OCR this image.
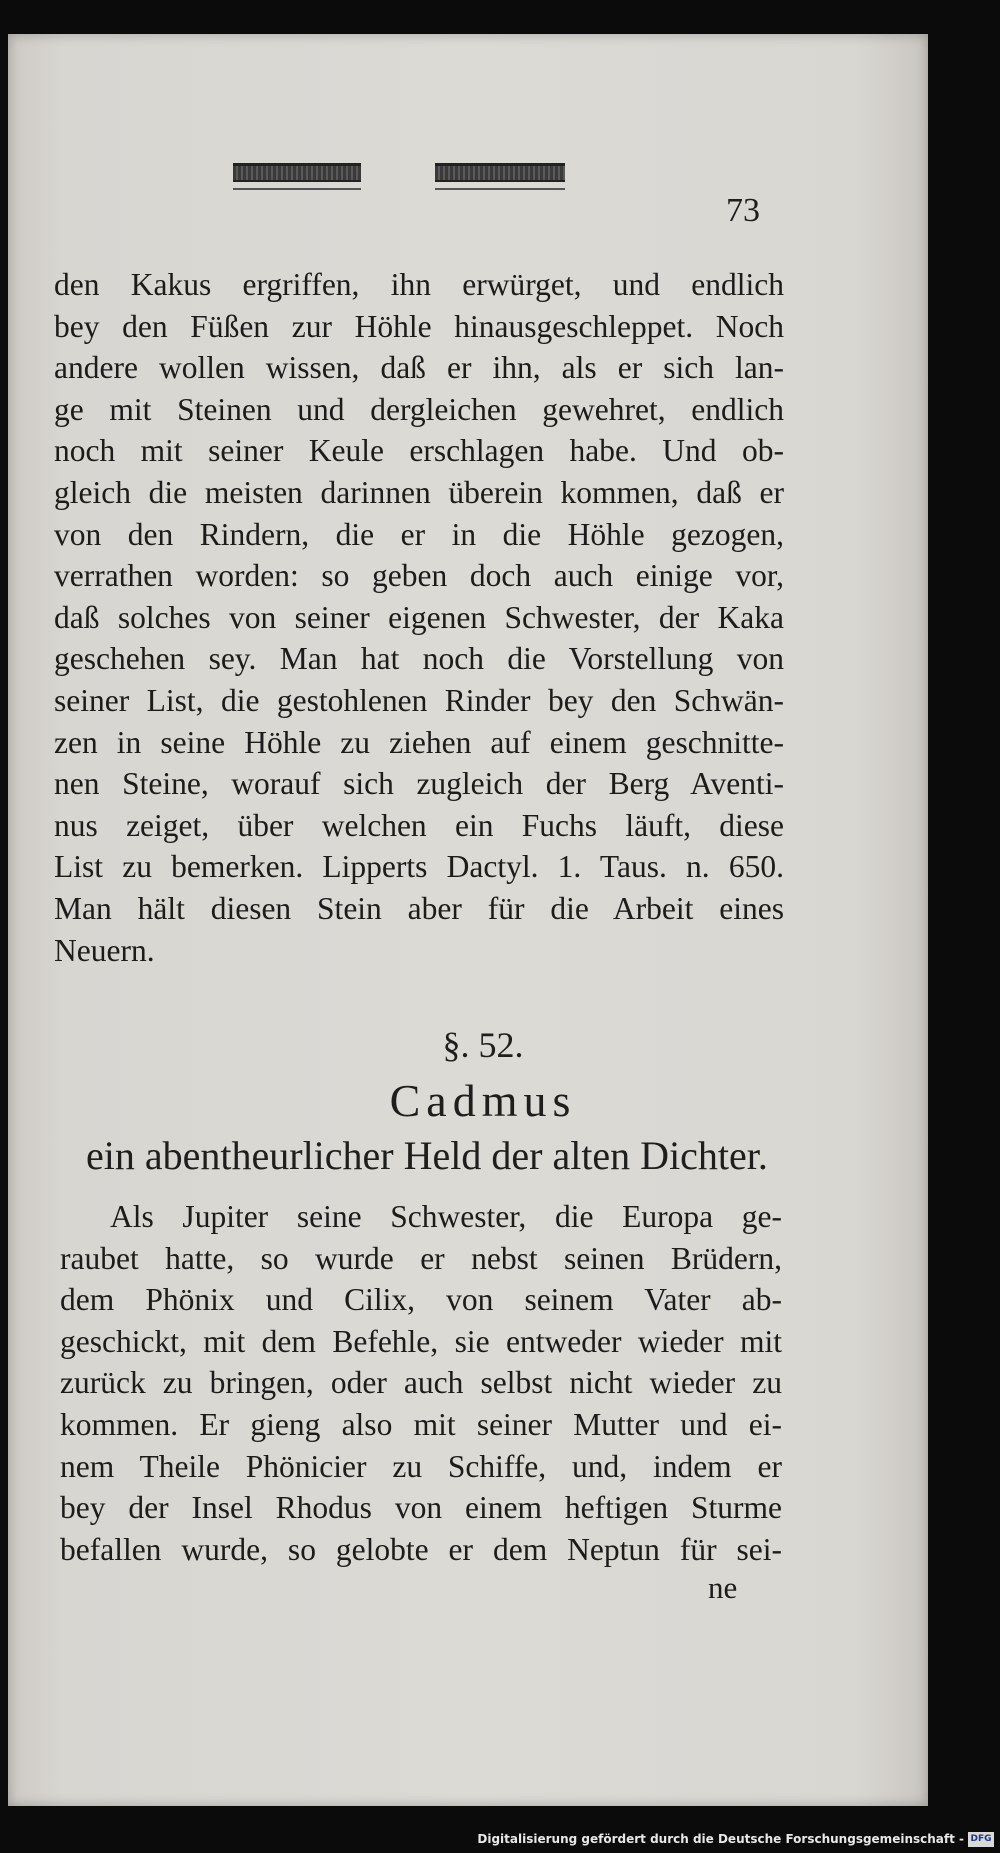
73
den Kakus ergriffen, ihn erwürget, und endlich
bey den Füßen zur Höhle hinausgeschleppet. Noch
andere wollen wissen, daß er ihn, als er sich lan-
ge mit Steinen und dergleichen gewehret, endlich
noch mit seiner Keule erschlagen habe. Und ob-
gleich die meisten darinnen überein kommen, daß er
von den Rindern, die er in die Höhle gezogen,
verrathen worden: so geben doch auch einige vor,
daß solches von seiner eigenen Schwester, der Kaka
geschehen sey. Man hat noch die Vorstellung von
seiner List, die gestohlenen Rinder bey den Schwän-
zen in seine Höhle zu ziehen auf einem geschnitte-
nen Steine, worauf sich zugleich der Berg Aventi-
nus zeiget, über welchen ein Fuchs läuft, diese
List zu bemerken. Lipperts Dactyl. 1. Taus. n. 650.
Man hält diesen Stein aber für die Arbeit eines
Neuern.
§. 52.
Cadmus
ein abentheurlicher Held der alten Dichter.
Als Jupiter seine Schwester, die Europa ge-
raubet hatte, so wurde er nebst seinen Brüdern,
dem Phönix und Cilix, von seinem Vater ab-
geschickt, mit dem Befehle, sie entweder wieder mit
zurück zu bringen, oder auch selbst nicht wieder zu
kommen. Er gieng also mit seiner Mutter und ei-
nem Theile Phönicier zu Schiffe, und, indem er
bey der Insel Rhodus von einem heftigen Sturme
befallen wurde, so gelobte er dem Neptun für sei-
ne
Digitalisierung gefördert durch die Deutsche Forschungsgemeinschaft - DFG
